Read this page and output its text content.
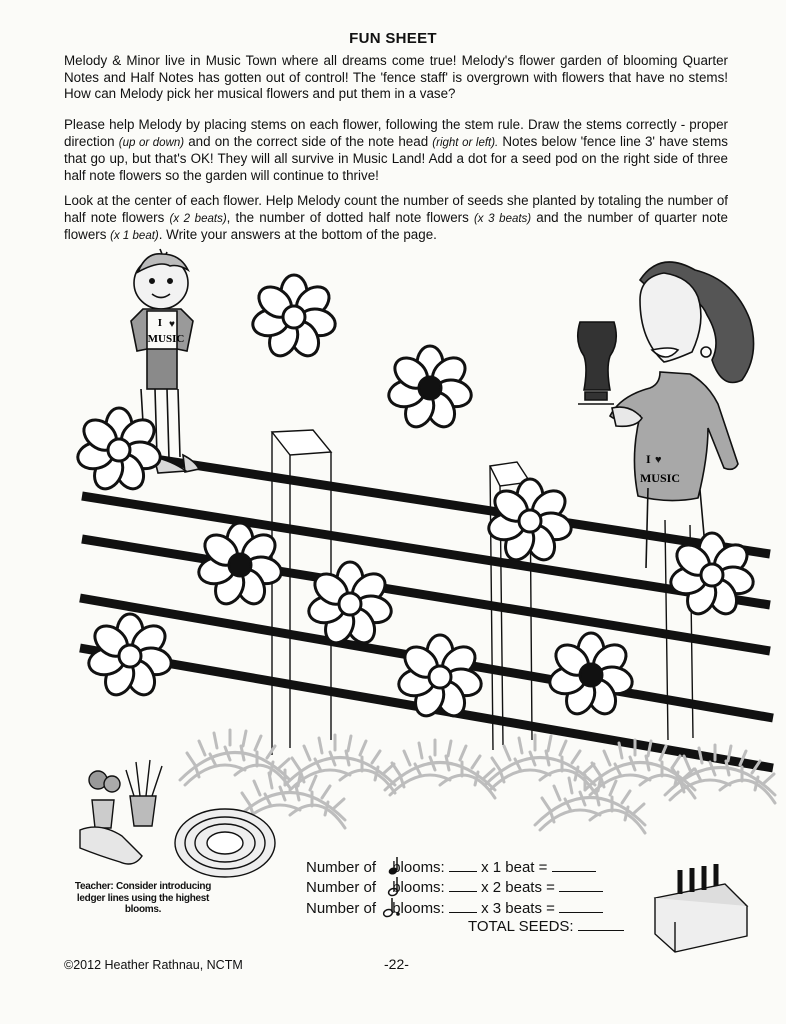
FUN SHEET

Melody & Minor live in Music Town where all dreams come true! Melody's flower garden of blooming Quarter Notes and Half Notes has gotten out of control! The 'fence staff' is overgrown with flowers that have no stems! How can Melody pick her musical flowers and put them in a vase?

Please help Melody by placing stems on each flower, following the stem rule. Draw the stems correctly - proper direction (up or down) and on the correct side of the note head (right or left). Notes below 'fence line 3' have stems that go up, but that's OK! They will all survive in Music Land! Add a dot for a seed pod on the right side of three half note flowers so the garden will continue to thrive!

Look at the center of each flower. Help Melody count the number of seeds she planted by totaling the number of half note flowers (x 2 beats), the number of dotted half note flowers (x 3 beats) and the number of quarter note flowers (x 1 beat). Write your answers at the bottom of the page.

I ♥
MUSIC
I ♥
MUSIC
Number of blooms: x 1 beat =
Number of blooms: x 2 beats =
Number of blooms: x 3 beats =
TOTAL SEEDS:
Teacher: Consider introducing ledger lines using the highest blooms.
©2012 Heather Rathnau, NCTM	-22-
